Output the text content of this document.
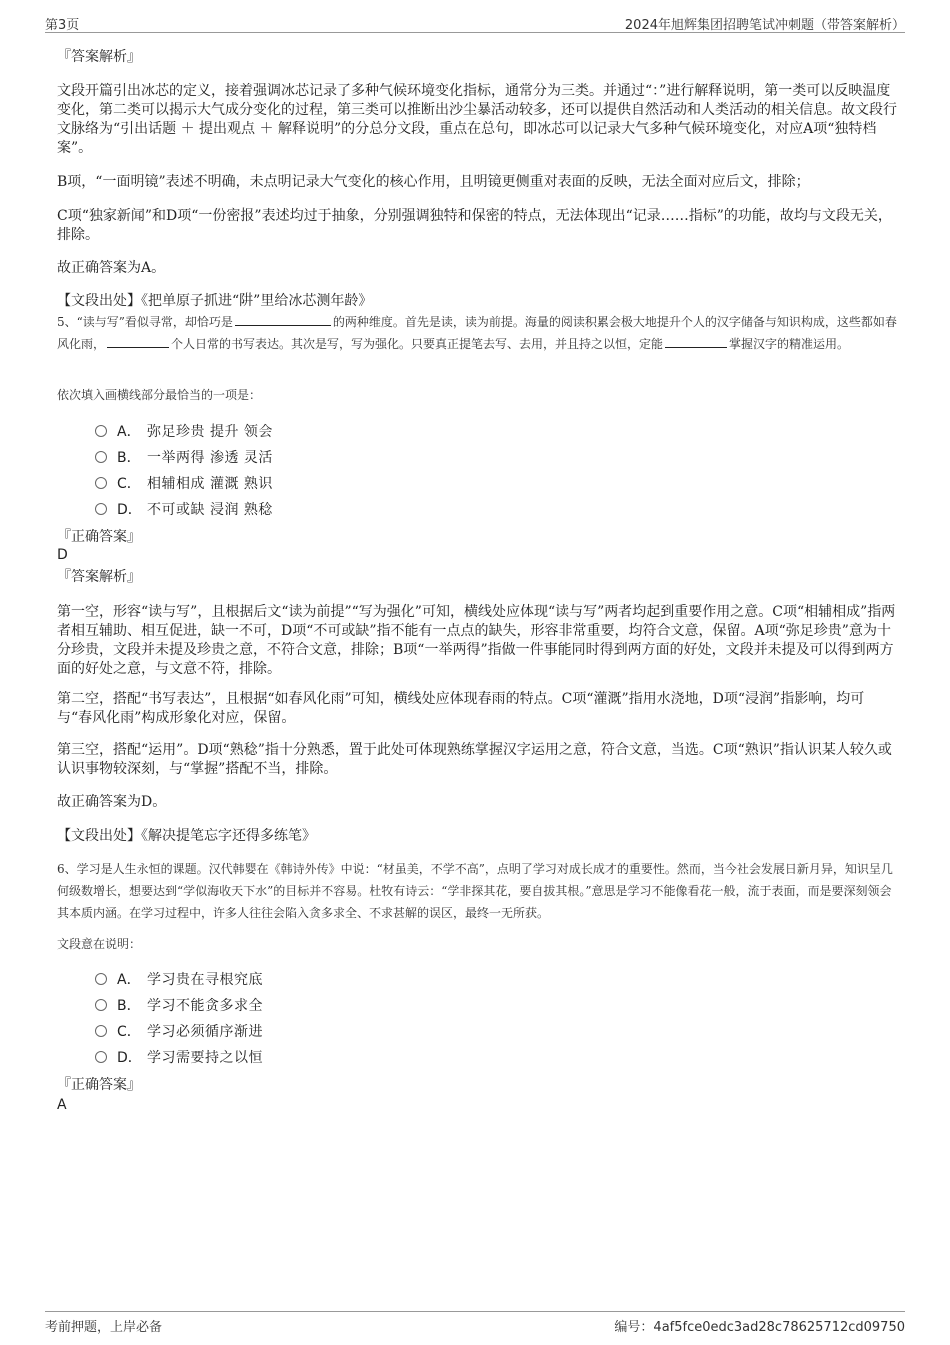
第3页	2024年旭辉集团招聘笔试冲刺题（带答案解析）

『答案解析』

文段开篇引出冰芯的定义，接着强调冰芯记录了多种气候环境变化指标，通常分为三类。并通过“：”进行解释说明，第一类可以反映温度变化，第二类可以揭示大气成分变化的过程，第三类可以推断出沙尘暴活动较多，还可以提供自然活动和人类活动的相关信息。故文段行文脉络为“引出话题 ＋ 提出观点 ＋ 解释说明”的分总分文段，重点在总句，即冰芯可以记录大气多种气候环境变化，对应A项“独特档案”。

B项，“一面明镜”表述不明确，未点明记录大气变化的核心作用，且明镜更侧重对表面的反映，无法全面对应后文，排除；

C项“独家新闻”和D项“一份密报”表述均过于抽象，分别强调独特和保密的特点，无法体现出“记录……指标”的功能，故均与文段无关，排除。

故正确答案为A。

【文段出处】《把单原子抓进“阱”里给冰芯测年龄》

5、“读与写”看似寻常，却恰巧是	的两种维度。首先是读，读为前提。海量的阅读积累会极大地提升个人的汉字储备与知识构成，这些都如春风化雨，	个人日常的书写表达。其次是写，写为强化。只要真正提笔去写、去用，并且持之以恒，定能	掌握汉字的精准运用。

依次填入画横线部分最恰当的一项是：

A． 弥足珍贵 提升 领会
B． 一举两得 渗透 灵活
C． 相辅相成 灌溉 熟识
D． 不可或缺 浸润 熟稔

『正确答案』

D

『答案解析』

第一空，形容“读与写”，且根据后文“读为前提”“写为强化”可知，横线处应体现“读与写”两者均起到重要作用之意。C项“相辅相成”指两者相互辅助、相互促进，缺一不可，D项“不可或缺”指不能有一点点的缺失，形容非常重要，均符合文意，保留。A项“弥足珍贵”意为十分珍贵，文段并未提及珍贵之意，不符合文意，排除；B项“一举两得”指做一件事能同时得到两方面的好处，文段并未提及可以得到两方面的好处之意，与文意不符，排除。

第二空，搭配“书写表达”，且根据“如春风化雨”可知，横线处应体现春雨的特点。C项“灌溉”指用水浇地，D项“浸润”指影响，均可与“春风化雨”构成形象化对应，保留。

第三空，搭配“运用”。D项“熟稔”指十分熟悉，置于此处可体现熟练掌握汉字运用之意，符合文意，当选。C项“熟识”指认识某人较久或认识事物较深刻，与“掌握”搭配不当，排除。

故正确答案为D。

【文段出处】《解决提笔忘字还得多练笔》

6、学习是人生永恒的课题。汉代韩婴在《韩诗外传》中说：“材虽美，不学不高”，点明了学习对成长成才的重要性。然而，当今社会发展日新月异，知识呈几何级数增长，想要达到“学似海收天下水”的目标并不容易。杜牧有诗云：“学非探其花，要自拔其根。”意思是学习不能像看花一般，流于表面，而是要深刻领会其本质内涵。在学习过程中，许多人往往会陷入贪多求全、不求甚解的误区，最终一无所获。

文段意在说明：

A． 学习贵在寻根究底
B． 学习不能贪多求全
C． 学习必须循序渐进
D． 学习需要持之以恒

『正确答案』

A

考前押题，上岸必备	编号：4af5fce0edc3ad28c78625712cd09750
